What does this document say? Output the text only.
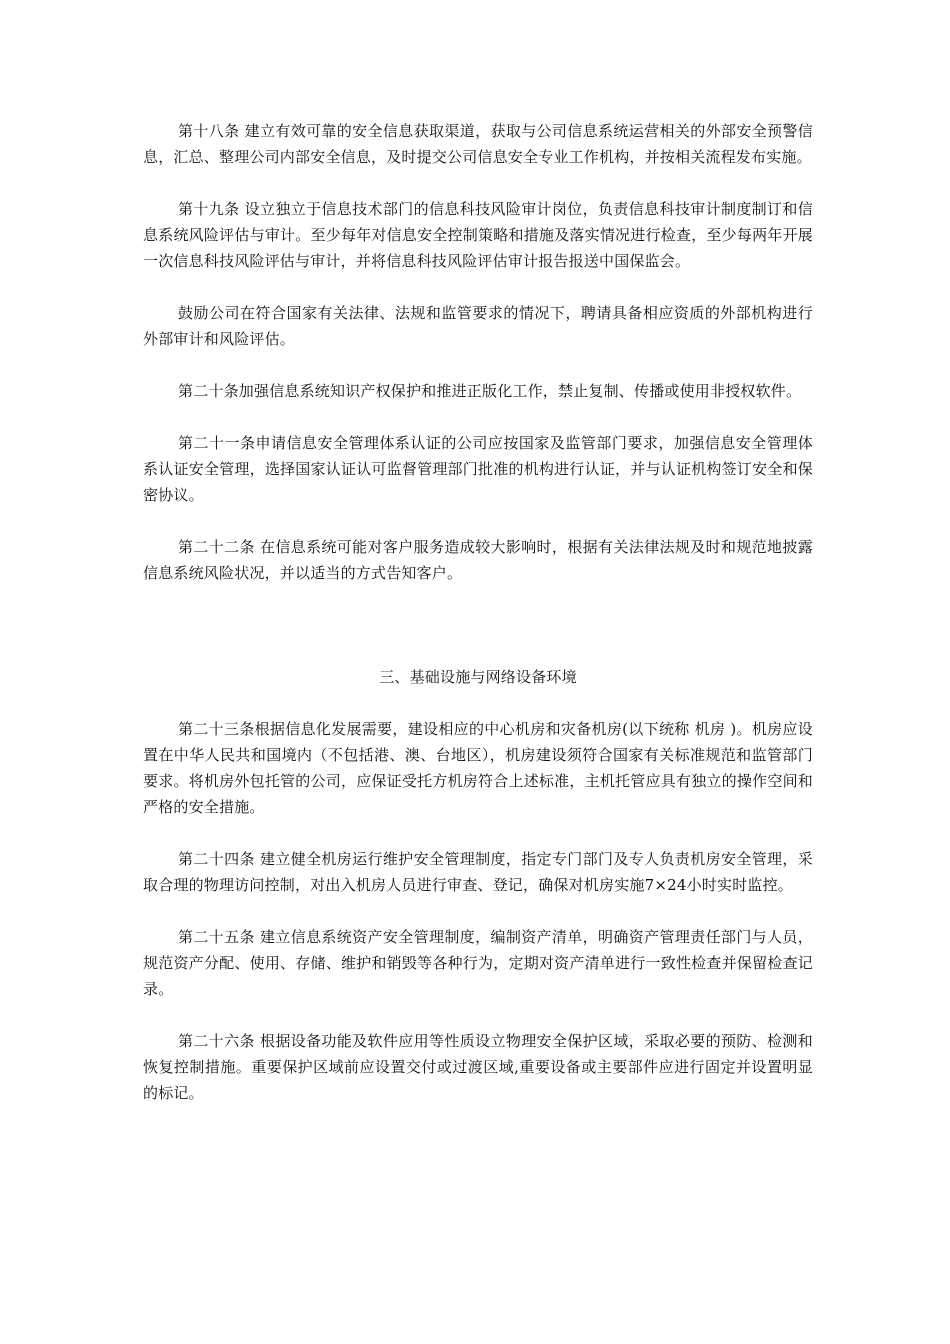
第十八条 建立有效可靠的安全信息获取渠道，获取与公司信息系统运营相关的外部安全预警信息，汇总、整理公司内部安全信息，及时提交公司信息安全专业工作机构，并按相关流程发布实施。

第十九条 设立独立于信息技术部门的信息科技风险审计岗位，负责信息科技审计制度制订和信息系统风险评估与审计。至少每年对信息安全控制策略和措施及落实情况进行检查，至少每两年开展一次信息科技风险评估与审计，并将信息科技风险评估审计报告报送中国保监会。

鼓励公司在符合国家有关法律、法规和监管要求的情况下，聘请具备相应资质的外部机构进行外部审计和风险评估。

第二十条加强信息系统知识产权保护和推进正版化工作，禁止复制、传播或使用非授权软件。

第二十一条申请信息安全管理体系认证的公司应按国家及监管部门要求，加强信息安全管理体系认证安全管理，选择国家认证认可监督管理部门批准的机构进行认证，并与认证机构签订安全和保密协议。

第二十二条 在信息系统可能对客户服务造成较大影响时，根据有关法律法规及时和规范地披露信息系统风险状况，并以适当的方式告知客户。

三、基础设施与网络设备环境

第二十三条根据信息化发展需要，建设相应的中心机房和灾备机房(以下统称 机房 )。机房应设置在中华人民共和国境内（不包括港、澳、台地区），机房建设须符合国家有关标准规范和监管部门要求。将机房外包托管的公司，应保证受托方机房符合上述标准，主机托管应具有独立的操作空间和严格的安全措施。

第二十四条 建立健全机房运行维护安全管理制度，指定专门部门及专人负责机房安全管理，采取合理的物理访问控制，对出入机房人员进行审查、登记，确保对机房实施7×24小时实时监控。

第二十五条 建立信息系统资产安全管理制度，编制资产清单，明确资产管理责任部门与人员，规范资产分配、使用、存储、维护和销毁等各种行为，定期对资产清单进行一致性检查并保留检查记录。

第二十六条 根据设备功能及软件应用等性质设立物理安全保护区域，采取必要的预防、检测和恢复控制措施。重要保护区域前应设置交付或过渡区域,重要设备或主要部件应进行固定并设置明显的标记。
